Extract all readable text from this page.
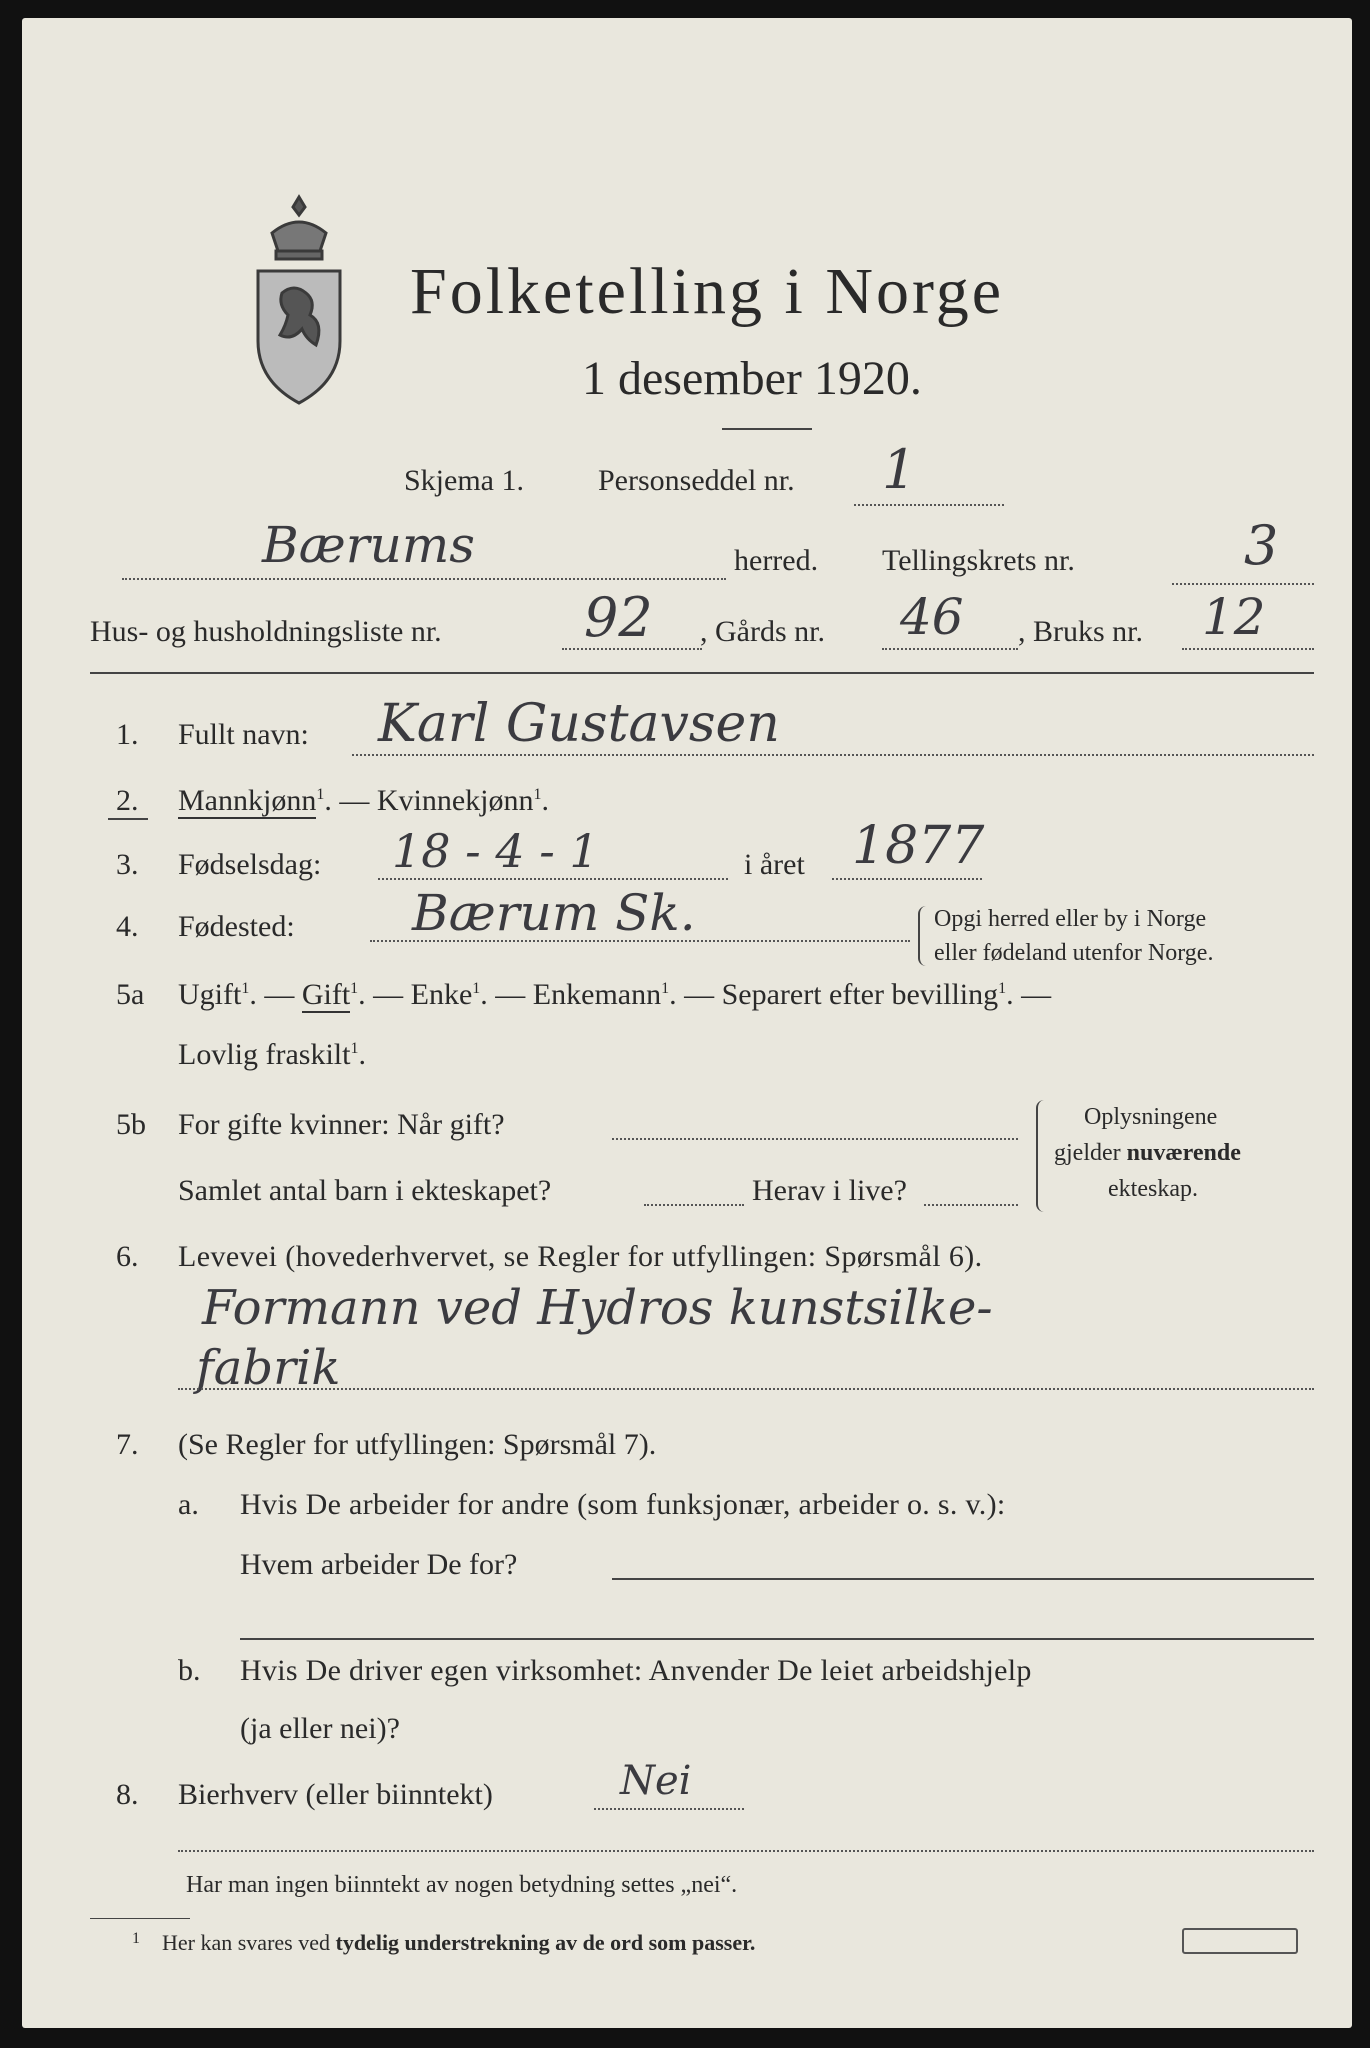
Folketelling i Norge
1 desember 1920.
Skjema 1. Personseddel nr. 1
Bærums	herred. Tellingskrets nr.	3
Hus- og husholdningsliste nr.	92 , Gårds nr. 46 , Bruks nr. 12
1. Fullt navn: Karl Gustavsen
2. Mannkjønn$^1$. — Kvinnekjønn$^1$.
3. Fødselsdag: 18 - 4 - 1	i året 1877
4. Fødested: Bærum Sk.	Opgi herred eller by i Norge
eller fødeland utenfor Norge.
5a Ugift$^1$. — Gift$^1$. — Enke$^1$. — Enkemann$^1$. — Separert efter bevilling$^1$. —
Lovlig fraskilt$^1$.
5b For gifte kvinner: Når gift?
Samlet antal barn i ekteskapet?	Herav i live?
Oplysningene
gjelder nuværende
ekteskap.
6. Levevei (hovederhvervet, se Regler for utfyllingen: Spørsmål 6).
Formann ved Hydros kunstsilke-
fabrik
7. (Se Regler for utfyllingen: Spørsmål 7).
a. Hvis De arbeider for andre (som funksjonær, arbeider o. s. v.):
Hvem arbeider De for?
b. Hvis De driver egen virksomhet: Anvender De leiet arbeidshjelp
(ja eller nei)?
8. Bierhverv (eller biinntekt)	Nei
Har man ingen biinntekt av nogen betydning settes „nei“.
1 Her kan svares ved tydelig understrekning av de ord som passer.
